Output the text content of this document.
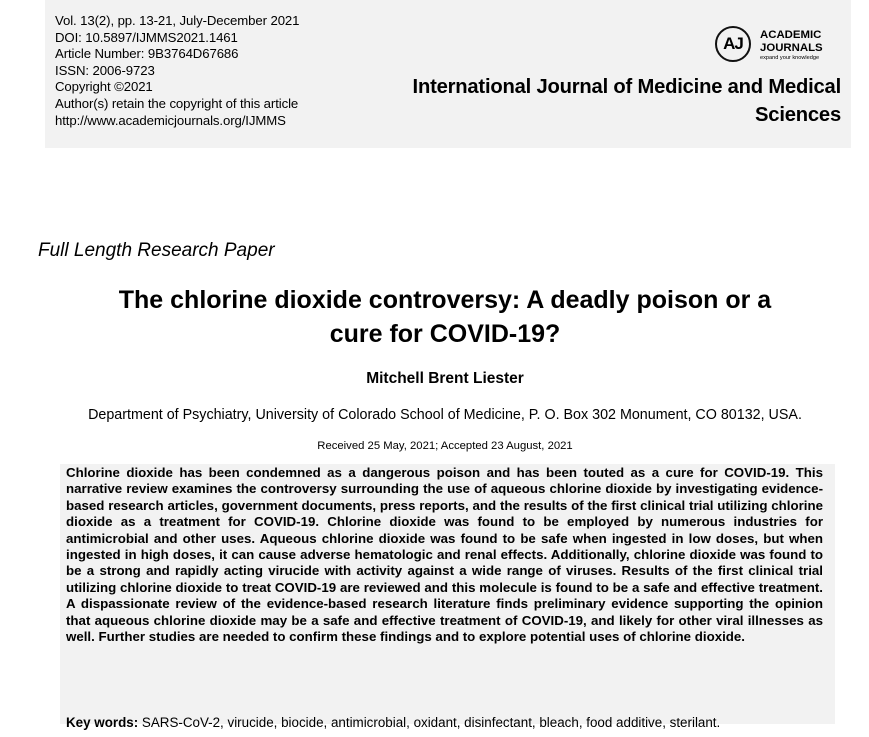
Vol. 13(2), pp. 13-21, July-December 2021
DOI: 10.5897/IJMMS2021.1461
Article Number: 9B3764D67686
ISSN: 2006-9723
Copyright ©2021
Author(s) retain the copyright of this article
http://www.academicjournals.org/IJMMS
AJ	ACADEMIC
JOURNALS
expand your knowledge
International Journal of Medicine and Medical
Sciences
Full Length Research Paper
The chlorine dioxide controversy: A deadly poison or a
cure for COVID-19?
Mitchell Brent Liester
Department of Psychiatry, University of Colorado School of Medicine, P. O. Box 302 Monument, CO 80132, USA.
Received 25 May, 2021; Accepted 23 August, 2021
Chlorine dioxide has been condemned as a dangerous poison and has been touted as a cure for COVID-19. This narrative review examines the controversy surrounding the use of aqueous chlorine dioxide by investigating evidence-based research articles, government documents, press reports, and the results of the first clinical trial utilizing chlorine dioxide as a treatment for COVID-19. Chlorine dioxide was found to be employed by numerous industries for antimicrobial and other uses. Aqueous chlorine dioxide was found to be safe when ingested in low doses, but when ingested in high doses, it can cause adverse hematologic and renal effects. Additionally, chlorine dioxide was found to be a strong and rapidly acting virucide with activity against a wide range of viruses. Results of the first clinical trial utilizing chlorine dioxide to treat COVID-19 are reviewed and this molecule is found to be a safe and effective treatment. A dispassionate review of the evidence-based research literature finds preliminary evidence supporting the opinion that aqueous chlorine dioxide may be a safe and effective treatment of COVID-19, and likely for other viral illnesses as well. Further studies are needed to confirm these findings and to explore potential uses of chlorine dioxide.
Key words: SARS-CoV-2, virucide, biocide, antimicrobial, oxidant, disinfectant, bleach, food additive, sterilant.
